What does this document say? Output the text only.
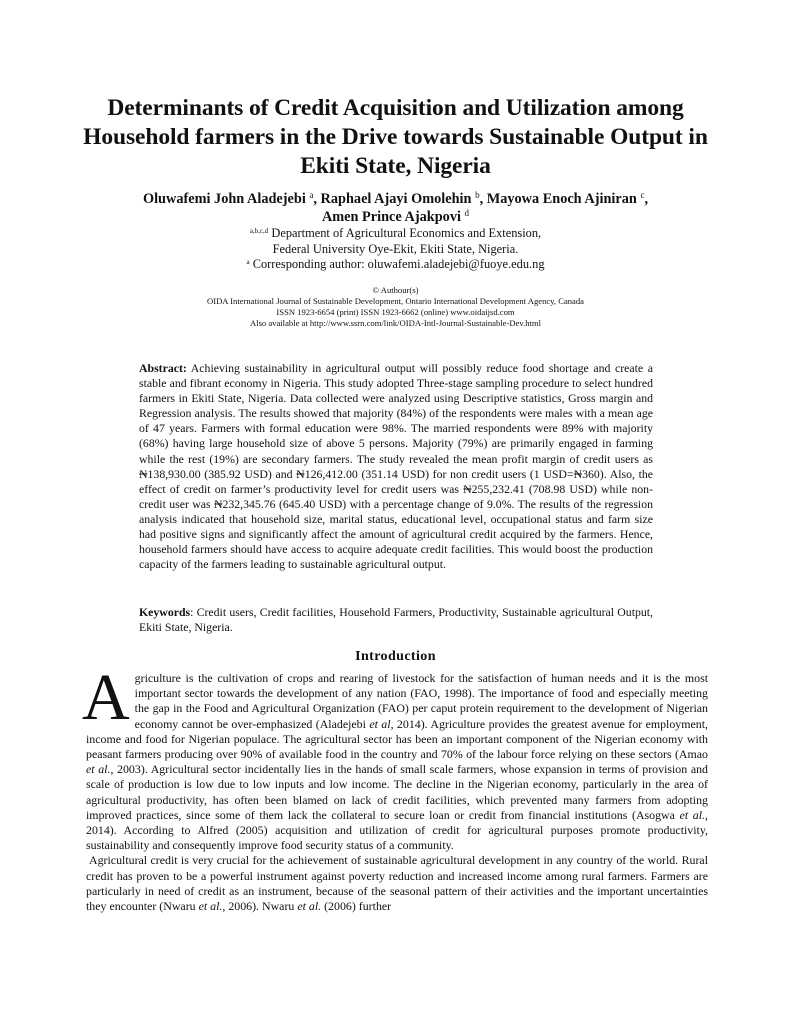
Determinants of Credit Acquisition and Utilization among Household farmers in the Drive towards Sustainable Output in Ekiti State, Nigeria
Oluwafemi John Aladejebi $^a$, Raphael Ajayi Omolehin $^b$, Mayowa Enoch Ajiniran $^c$,
Amen Prince Ajakpovi $^d$
$^{a,b,c,d}$ Department of Agricultural Economics and Extension,
Federal University Oye-Ekit, Ekiti State, Nigeria.
$^a$ Corresponding author: oluwafemi.aladejebi@fuoye.edu.ng
© Authour(s)
OIDA International Journal of Sustainable Development, Ontario International Development Agency, Canada
ISSN 1923-6654 (print) ISSN 1923-6662 (online) www.oidaijsd.com
Also available at http://www.ssrn.com/link/OIDA-Intl-Journal-Sustainable-Dev.html
Abstract: Achieving sustainability in agricultural output will possibly reduce food shortage and create a stable and fibrant economy in Nigeria. This study adopted Three-stage sampling procedure to select hundred farmers in Ekiti State, Nigeria. Data collected were analyzed using Descriptive statistics, Gross margin and Regression analysis. The results showed that majority (84%) of the respondents were males with a mean age of 47 years. Farmers with formal education were 98%. The married respondents were 89% with majority (68%) having large household size of above 5 persons. Majority (79%) are primarily engaged in farming while the rest (19%) are secondary farmers. The study revealed the mean profit margin of credit users as ₦138,930.00 (385.92 USD) and ₦126,412.00 (351.14 USD) for non credit users (1 USD=₦360). Also, the effect of credit on farmer’s productivity level for credit users was ₦255,232.41 (708.98 USD) while non-credit user was ₦232,345.76 (645.40 USD) with a percentage change of 9.0%. The results of the regression analysis indicated that household size, marital status, educational level, occupational status and farm size had positive signs and significantly affect the amount of agricultural credit acquired by the farmers. Hence, household farmers should have access to acquire adequate credit facilities. This would boost the production capacity of the farmers leading to sustainable agricultural output.
Keywords: Credit users, Credit facilities, Household Farmers, Productivity, Sustainable agricultural Output, Ekiti State, Nigeria.
Introduction

Agriculture is the cultivation of crops and rearing of livestock for the satisfaction of human needs and it is the most important sector towards the development of any nation (FAO, 1998). The importance of food and especially meeting the gap in the Food and Agricultural Organization (FAO) per caput protein requirement to the development of Nigerian economy cannot be over-emphasized (Aladejebi et al, 2014). Agriculture provides the greatest avenue for employment, income and food for Nigerian populace. The agricultural sector has been an important component of the Nigerian economy with peasant farmers producing over 90% of available food in the country and 70% of the labour force relying on these sectors (Amao et al., 2003). Agricultural sector incidentally lies in the hands of small scale farmers, whose expansion in terms of provision and scale of production is low due to low inputs and low income. The decline in the Nigerian economy, particularly in the area of agricultural productivity, has often been blamed on lack of credit facilities, which prevented many farmers from adopting improved practices, since some of them lack the collateral to secure loan or credit from financial institutions (Asogwa et al., 2014). According to Alfred (2005) acquisition and utilization of credit for agricultural purposes promote productivity, sustainability and consequently improve food security status of a community.

Agricultural credit is very crucial for the achievement of sustainable agricultural development in any country of the world. Rural credit has proven to be a powerful instrument against poverty reduction and increased income among rural farmers. Farmers are particularly in need of credit as an instrument, because of the seasonal pattern of their activities and the important uncertainties they encounter (Nwaru et al., 2006). Nwaru et al. (2006) further
